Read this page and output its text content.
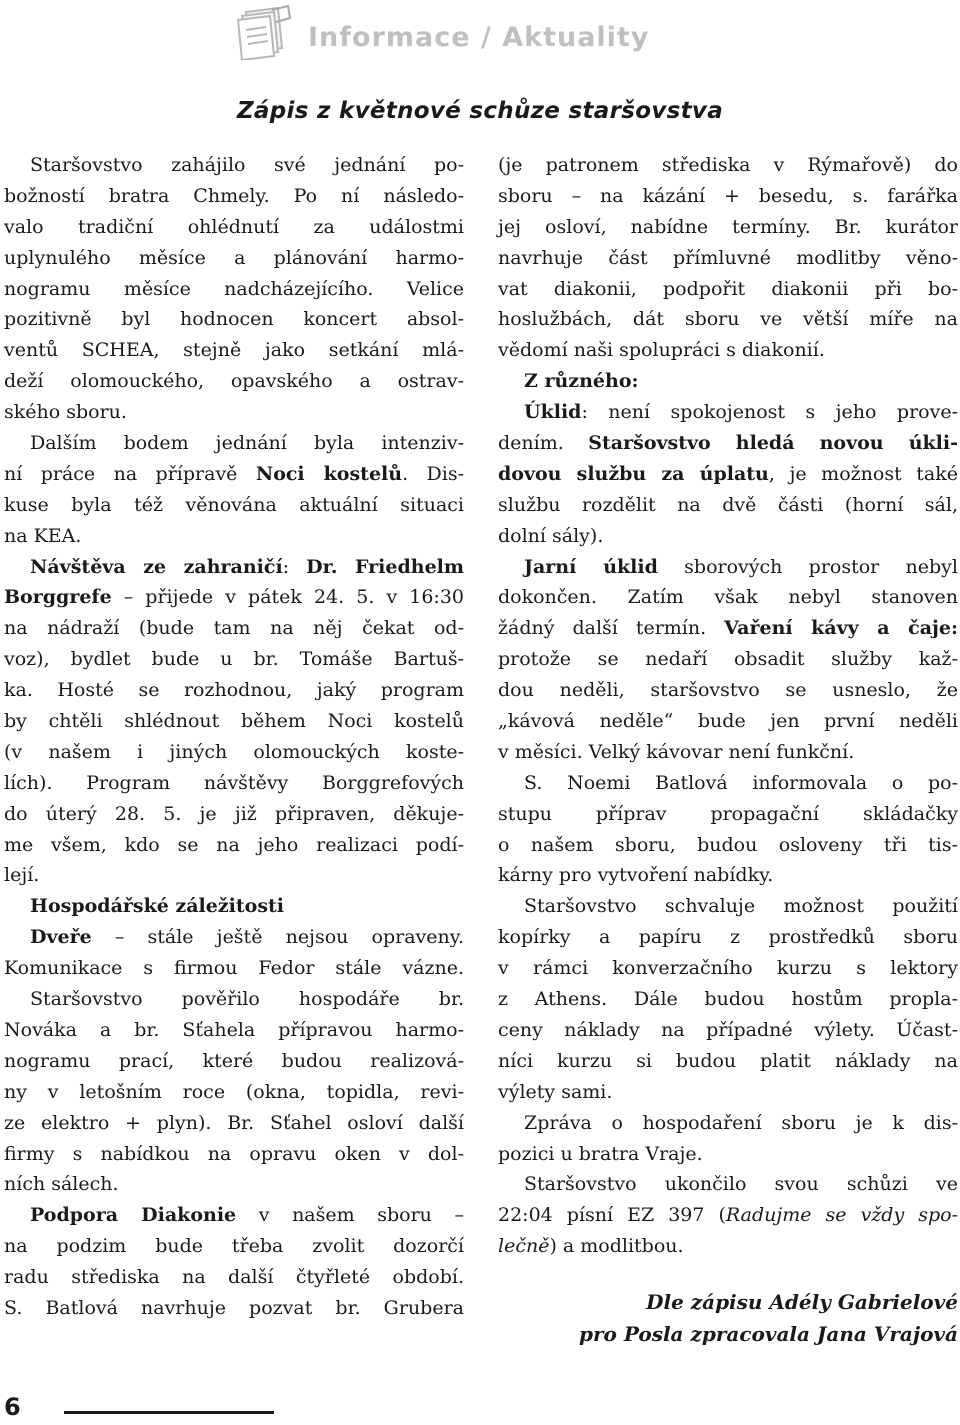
Informace / Aktuality
Zápis z květnové schůze staršovstva
Staršovstvo zahájilo své jednání po-
božností bratra Chmely. Po ní následo-
valo tradiční ohlédnutí za událostmi
uplynulého měsíce a plánování harmo-
nogramu měsíce nadcházejícího. Velice
pozitivně byl hodnocen koncert absol-
ventů SCHEA, stejně jako setkání mlá-
deží olomouckého, opavského a ostrav-
ského sboru.
Dalším bodem jednání byla intenziv-
ní práce na přípravě Noci kostelů. Dis-
kuse byla též věnována aktuální situaci
na KEA.
Návštěva ze zahraničí: Dr. Friedhelm
Borggrefe – přijede v pátek 24. 5. v 16:30
na nádraží (bude tam na něj čekat od-
voz), bydlet bude u br. Tomáše Bartuš-
ka. Hosté se rozhodnou, jaký program
by chtěli shlédnout během Noci kostelů
(v našem i jiných olomouckých koste-
lích). Program návštěvy Borggrefových
do úterý 28. 5. je již připraven, děkuje-
me všem, kdo se na jeho realizaci podí-
lejí.
Hospodářské záležitosti
Dveře – stále ještě nejsou opraveny.
Komunikace s firmou Fedor stále vázne.
Staršovstvo pověřilo hospodáře br.
Nováka a br. Sťahela přípravou harmo-
nogramu prací, které budou realizová-
ny v letošním roce (okna, topidla, revi-
ze elektro + plyn). Br. Sťahel osloví další
firmy s nabídkou na opravu oken v dol-
ních sálech.
Podpora Diakonie v našem sboru –
na podzim bude třeba zvolit dozorčí
radu střediska na další čtyřleté období.
S. Batlová navrhuje pozvat br. Grubera
(je patronem střediska v Rýmařově) do
sboru – na kázání + besedu, s. farářka
jej osloví, nabídne termíny. Br. kurátor
navrhuje část přímluvné modlitby věno-
vat diakonii, podpořit diakonii při bo-
hoslužbách, dát sboru ve větší míře na
vědomí naši spolupráci s diakonií.
Z různého:
Úklid: není spokojenost s jeho prove-
dením. Staršovstvo hledá novou úkli-
dovou službu za úplatu, je možnost také
službu rozdělit na dvě části (horní sál,
dolní sály).
Jarní úklid sborových prostor nebyl
dokončen. Zatím však nebyl stanoven
žádný další termín. Vaření kávy a čaje:
protože se nedaří obsadit služby kaž-
dou neděli, staršovstvo se usneslo, že
„kávová neděle“ bude jen první neděli
v měsíci. Velký kávovar není funkční.
S. Noemi Batlová informovala o po-
stupu příprav propagační skládačky
o našem sboru, budou osloveny tři tis-
kárny pro vytvoření nabídky.
Staršovstvo schvaluje možnost použití
kopírky a papíru z prostředků sboru
v rámci konverzačního kurzu s lektory
z Athens. Dále budou hostům propla-
ceny náklady na případné výlety. Účast-
níci kurzu si budou platit náklady na
výlety sami.
Zpráva o hospodaření sboru je k dis-
pozici u bratra Vraje.
Staršovstvo ukončilo svou schůzi ve
22:04 písní EZ 397 (Radujme se vždy spo-
lečně) a modlitbou.
Dle zápisu Adély Gabrielové
pro Posla zpracovala Jana Vrajová
6
